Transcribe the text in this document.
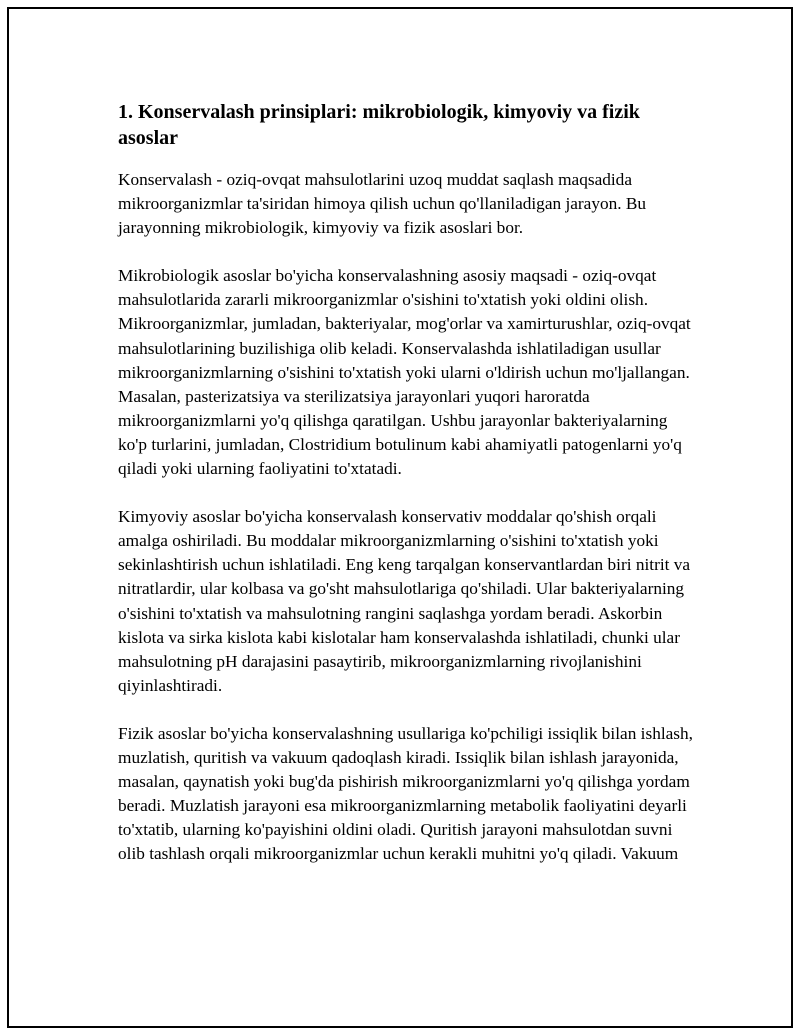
1. Konservalash prinsiplari: mikrobiologik, kimyoviy va fizik asoslar

Konservalash - oziq-ovqat mahsulotlarini uzoq muddat saqlash maqsadida mikroorganizmlar ta'siridan himoya qilish uchun qo'llaniladigan jarayon. Bu jarayonning mikrobiologik, kimyoviy va fizik asoslari bor.

Mikrobiologik asoslar bo'yicha konservalashning asosiy maqsadi - oziq-ovqat mahsulotlarida zararli mikroorganizmlar o'sishini to'xtatish yoki oldini olish. Mikroorganizmlar, jumladan, bakteriyalar, mog'orlar va xamirturushlar, oziq-ovqat mahsulotlarining buzilishiga olib keladi. Konservalashda ishlatiladigan usullar mikroorganizmlarning o'sishini to'xtatish yoki ularni o'ldirish uchun mo'ljallangan. Masalan, pasterizatsiya va sterilizatsiya jarayonlari yuqori haroratda mikroorganizmlarni yo'q qilishga qaratilgan. Ushbu jarayonlar bakteriyalarning ko'p turlarini, jumladan, Clostridium botulinum kabi ahamiyatli patogenlarni yo'q qiladi yoki ularning faoliyatini to'xtatadi.

Kimyoviy asoslar bo'yicha konservalash konservativ moddalar qo'shish orqali amalga oshiriladi. Bu moddalar mikroorganizmlarning o'sishini to'xtatish yoki sekinlashtirish uchun ishlatiladi. Eng keng tarqalgan konservantlardan biri nitrit va nitratlardir, ular kolbasa va go'sht mahsulotlariga qo'shiladi. Ular bakteriyalarning o'sishini to'xtatish va mahsulotning rangini saqlashga yordam beradi. Askorbin kislota va sirka kislota kabi kislotalar ham konservalashda ishlatiladi, chunki ular mahsulotning pH darajasini pasaytirib, mikroorganizmlarning rivojlanishini qiyinlashtiradi.

Fizik asoslar bo'yicha konservalashning usullariga ko'pchiligi issiqlik bilan ishlash, muzlatish, quritish va vakuum qadoqlash kiradi. Issiqlik bilan ishlash jarayonida, masalan, qaynatish yoki bug'da pishirish mikroorganizmlarni yo'q qilishga yordam beradi. Muzlatish jarayoni esa mikroorganizmlarning metabolik faoliyatini deyarli to'xtatib, ularning ko'payishini oldini oladi. Quritish jarayoni mahsulotdan suvni olib tashlash orqali mikroorganizmlar uchun kerakli muhitni yo'q qiladi. Vakuum
